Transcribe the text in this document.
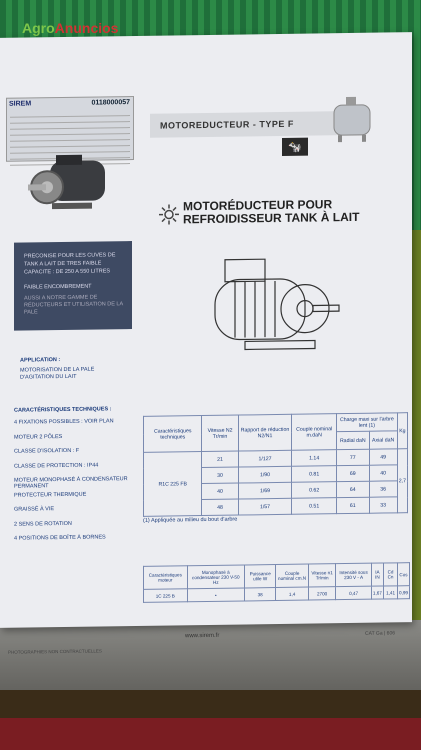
AgroAnuncios
SIREM	0118000057
MOTOREDUCTEUR - TYPE F
🐄
MOTORÉDUCTEUR POUR
REFROIDISSEUR TANK À LAIT
PRECONISE POUR LES CUVES DE TANK A LAIT DE TRES FAIBLE CAPACITE : DE 250 A 550 LITRES
FAIBLE ENCOMBREMENT
AUSSI A NOTRE GAMME DE RÉDUCTEURS ET UTILISATION DE LA PALE
APPLICATION :
MOTORISATION DE LA PALE D'AGITATION DU LAIT
CARACTÉRISTIQUES TECHNIQUES :
4 FIXATIONS POSSIBLES : VOIR PLAN
MOTEUR 2 PÔLES
CLASSE D'ISOLATION : F
CLASSE DE PROTECTION : IP44
MOTEUR MONOPHASÉ À CONDENSATEUR PERMANENT
PROTECTEUR THERMIQUE
GRAISSÉ À VIE
2 SENS DE ROTATION
4 POSITIONS DE BOÎTE À BORNES
Caractéristiques techniques	Vitesse N2 Tr/min	Rapport de réduction N2/N1	Couple nominal m.daN	Charge maxi sur l'arbre lent (1)		Kg
				Radial daN	Axial daN	
R1C 225 FB	21	1/127	1.14	77	49	2,7
	30	1/90	0.81	69	40	
	40	1/69	0.62	64	36	
	48	1/57	0.51	61	33	
(1) Appliquée au milieu du bout d'arbre
Caractéristiques moteur	Monophasé à condensateur 230 V-50 Hz	Puissance utile W	Couple nominal cm.N	Vitesse n1 Tr/min	Intensité sous 230 V - A	IA IN	Cd Cn	Cos
1C 225 B	•	38	1,4	2700	0,47	1,67	1,41	0,99
www.sirem.fr	CAT Ga | 606
PHOTOGRAPHIES NON CONTRACTUELLES
